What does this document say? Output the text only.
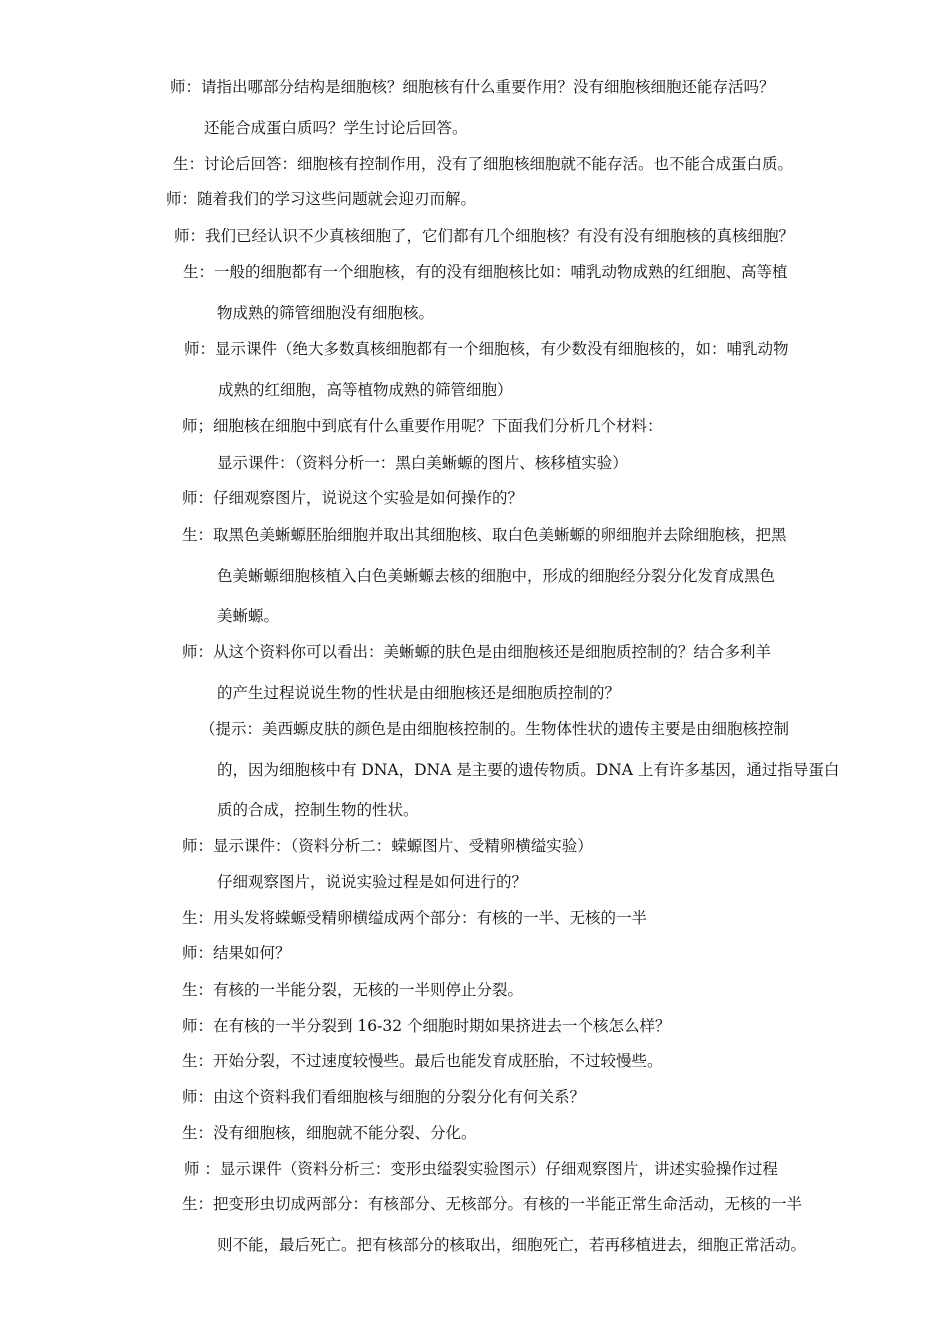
师：请指出哪部分结构是细胞核？细胞核有什么重要作用？没有细胞核细胞还能存活吗？
还能合成蛋白质吗？学生讨论后回答。
生：讨论后回答：细胞核有控制作用，没有了细胞核细胞就不能存活。也不能合成蛋白质。
师：随着我们的学习这些问题就会迎刃而解。
师：我们已经认识不少真核细胞了，它们都有几个细胞核？有没有没有细胞核的真核细胞？
生：一般的细胞都有一个细胞核，有的没有细胞核比如：哺乳动物成熟的红细胞、高等植
物成熟的筛管细胞没有细胞核。
师：显示课件（绝大多数真核细胞都有一个细胞核，有少数没有细胞核的，如：哺乳动物
成熟的红细胞，高等植物成熟的筛管细胞）
师；细胞核在细胞中到底有什么重要作用呢？下面我们分析几个材料：
显示课件：（资料分析一：黑白美蜥螈的图片、核移植实验）
师：仔细观察图片，说说这个实验是如何操作的？
生：取黑色美蜥螈胚胎细胞并取出其细胞核、取白色美蜥螈的卵细胞并去除细胞核，把黑
色美蜥螈细胞核植入白色美蜥螈去核的细胞中，形成的细胞经分裂分化发育成黑色
美蜥螈。
师：从这个资料你可以看出：美蜥螈的肤色是由细胞核还是细胞质控制的？结合多利羊
的产生过程说说生物的性状是由细胞核还是细胞质控制的？
（提示：美西螈皮肤的颜色是由细胞核控制的。生物体性状的遗传主要是由细胞核控制
的，因为细胞核中有 DNA，DNA 是主要的遗传物质。DNA 上有许多基因，通过指导蛋白
质的合成，控制生物的性状。
师：显示课件：（资料分析二：蝾螈图片、受精卵横缢实验）
仔细观察图片，说说实验过程是如何进行的？
生：用头发将蝾螈受精卵横缢成两个部分：有核的一半、无核的一半
师：结果如何？
生：有核的一半能分裂，无核的一半则停止分裂。
师：在有核的一半分裂到 16-32 个细胞时期如果挤进去一个核怎么样？
生：开始分裂，不过速度较慢些。最后也能发育成胚胎，不过较慢些。
师：由这个资料我们看细胞核与细胞的分裂分化有何关系？
生：没有细胞核，细胞就不能分裂、分化。
师 ：显示课件（资料分析三：变形虫缢裂实验图示）仔细观察图片，讲述实验操作过程
生：把变形虫切成两部分：有核部分、无核部分。有核的一半能正常生命活动，无核的一半
则不能，最后死亡。把有核部分的核取出，细胞死亡，若再移植进去，细胞正常活动。
